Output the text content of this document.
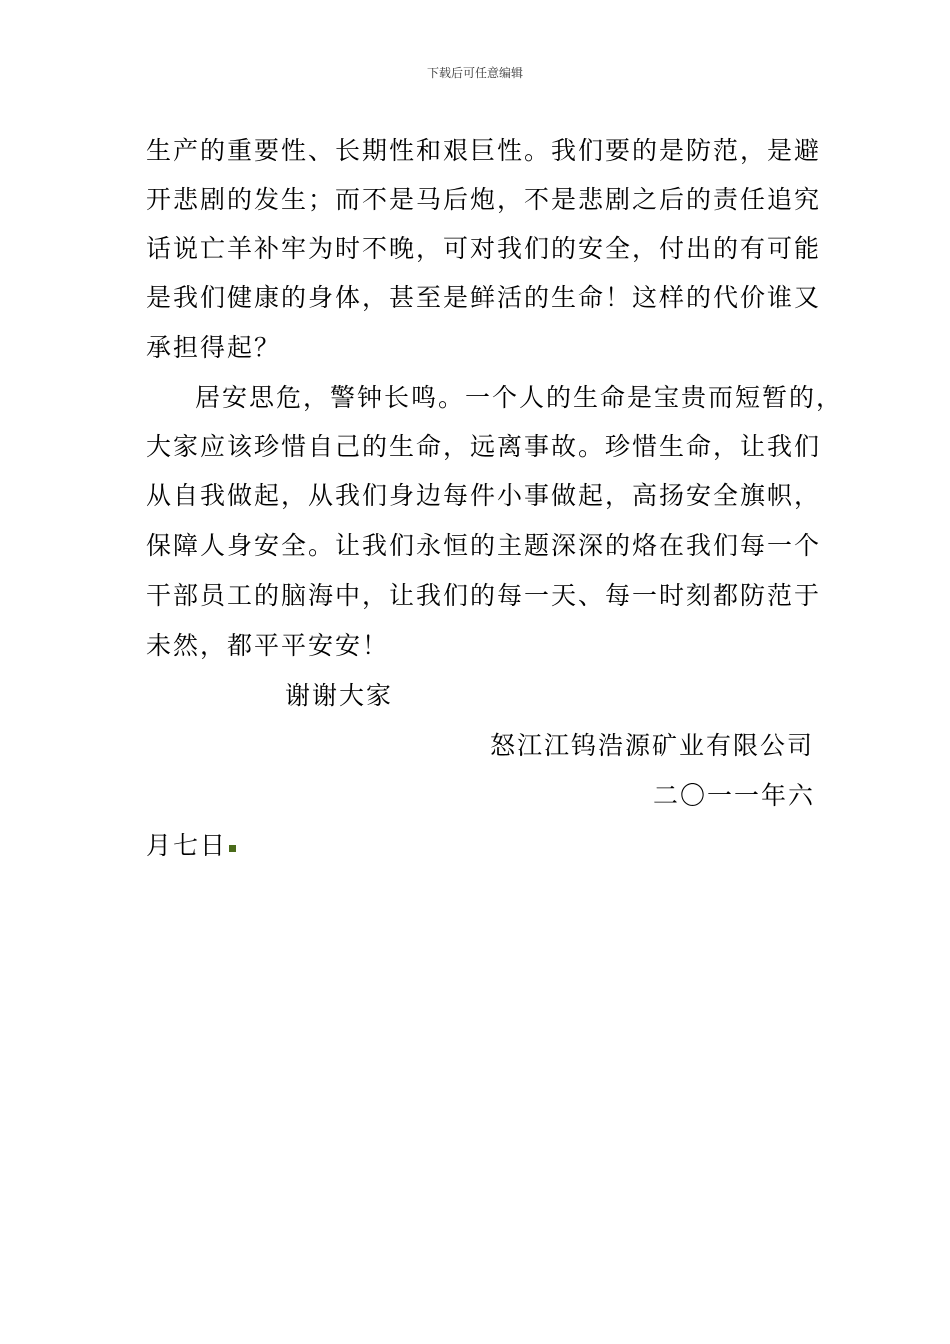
下载后可任意编辑
生产的重要性、长期性和艰巨性。我们要的是防范，是避
开悲剧的发生；而不是马后炮，不是悲剧之后的责任追究
话说亡羊补牢为时不晚，可对我们的安全，付出的有可能
是我们健康的身体，甚至是鲜活的生命！这样的代价谁又
承担得起？
居安思危，警钟长鸣。一个人的生命是宝贵而短暂的，
大家应该珍惜自己的生命，远离事故。珍惜生命，让我们
从自我做起，从我们身边每件小事做起，高扬安全旗帜，
保障人身安全。让我们永恒的主题深深的烙在我们每一个
干部员工的脑海中，让我们的每一天、每一时刻都防范于
未然，都平平安安！
谢谢大家
怒江江钨浩源矿业有限公司
二〇一一年六
月七日
